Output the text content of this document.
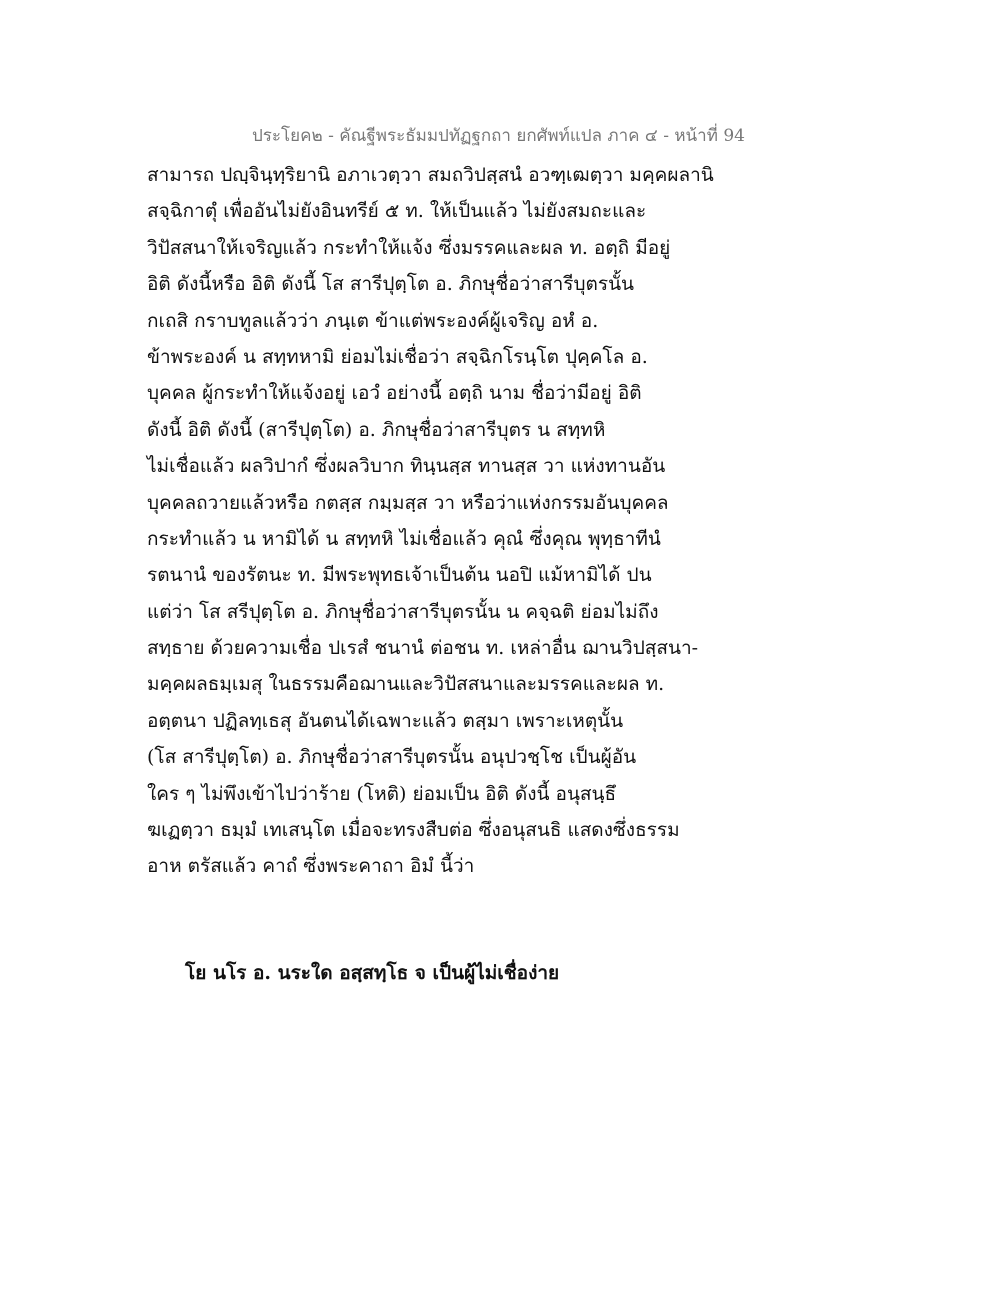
ประโยค๒ - คัณฐีพระธัมมปทัฏฐกถา ยกศัพท์แปล ภาค ๔ - หน้าที่ 94
สามารถ ปญฺจินฺทฺริยานิ อภาเวตฺวา สมถวิปสฺสนํ อวฑฺเฒตฺวา มคฺคผลานิ
สจฺฉิกาตุํ เพื่ออันไม่ยังอินทรีย์ ๕ ท. ให้เป็นแล้ว ไม่ยังสมถะและ
วิปัสสนาให้เจริญแล้ว กระทำให้แจ้ง ซึ่งมรรคและผล ท. อตฺถิ มีอยู่
อิติ ดังนี้หรือ อิติ ดังนี้ โส สารีปุตฺโต อ. ภิกษุชื่อว่าสารีบุตรนั้น
กเถสิ กราบทูลแล้วว่า ภนฺเต ข้าแต่พระองค์ผู้เจริญ อหํ อ.
ข้าพระองค์ น สทฺทหามิ ย่อมไม่เชื่อว่า สจฺฉิกโรนฺโต ปุคฺคโล อ.
บุคคล ผู้กระทำให้แจ้งอยู่ เอวํ อย่างนี้ อตฺถิ นาม ชื่อว่ามีอยู่ อิติ
ดังนี้ อิติ ดังนี้ (สารีปุตฺโต) อ. ภิกษุชื่อว่าสารีบุตร น สทฺทหิ
ไม่เชื่อแล้ว ผลวิปากํ ซึ่งผลวิบาก ทินฺนสฺส ทานสฺส วา แห่งทานอัน
บุคคลถวายแล้วหรือ กตสฺส กมฺมสฺส วา หรือว่าแห่งกรรมอันบุคคล
กระทำแล้ว น หามิได้ น สทฺทหิ ไม่เชื่อแล้ว คุณํ ซึ่งคุณ พุทฺธาทีนํ
รตนานํ ของรัตนะ ท. มีพระพุทธเจ้าเป็นต้น นอปิ แม้หามิได้ ปน
แต่ว่า โส สรีปุตฺโต อ. ภิกษุชื่อว่าสารีบุตรนั้น น คจฺฉติ ย่อมไม่ถึง
สทฺธาย ด้วยความเชื่อ ปเรสํ ชนานํ ต่อชน ท. เหล่าอื่น ฌานวิปสฺสนา-
มคฺคผลธมฺเมสุ ในธรรมคือฌานและวิปัสสนาและมรรคและผล ท.
อตฺตนา ปฏิลทฺเธสุ อันตนได้เฉพาะแล้ว ตสฺมา เพราะเหตุนั้น
(โส สารีปุตฺโต) อ. ภิกษุชื่อว่าสารีบุตรนั้น อนุปวชฺโช เป็นผู้อัน
ใคร ๆ ไม่พึงเข้าไปว่าร้าย (โหติ) ย่อมเป็น อิติ ดังนี้ อนุสนฺธึ
ฆเฏตฺวา ธมฺมํ เทเสนฺโต เมื่อจะทรงสืบต่อ ซึ่งอนุสนธิ แสดงซึ่งธรรม
อาห ตรัสแล้ว คาถํ ซึ่งพระคาถา อิมํ นี้ว่า
โย นโร อ. นระใด อสฺสทฺโธ จ เป็นผู้ไม่เชื่อง่าย
